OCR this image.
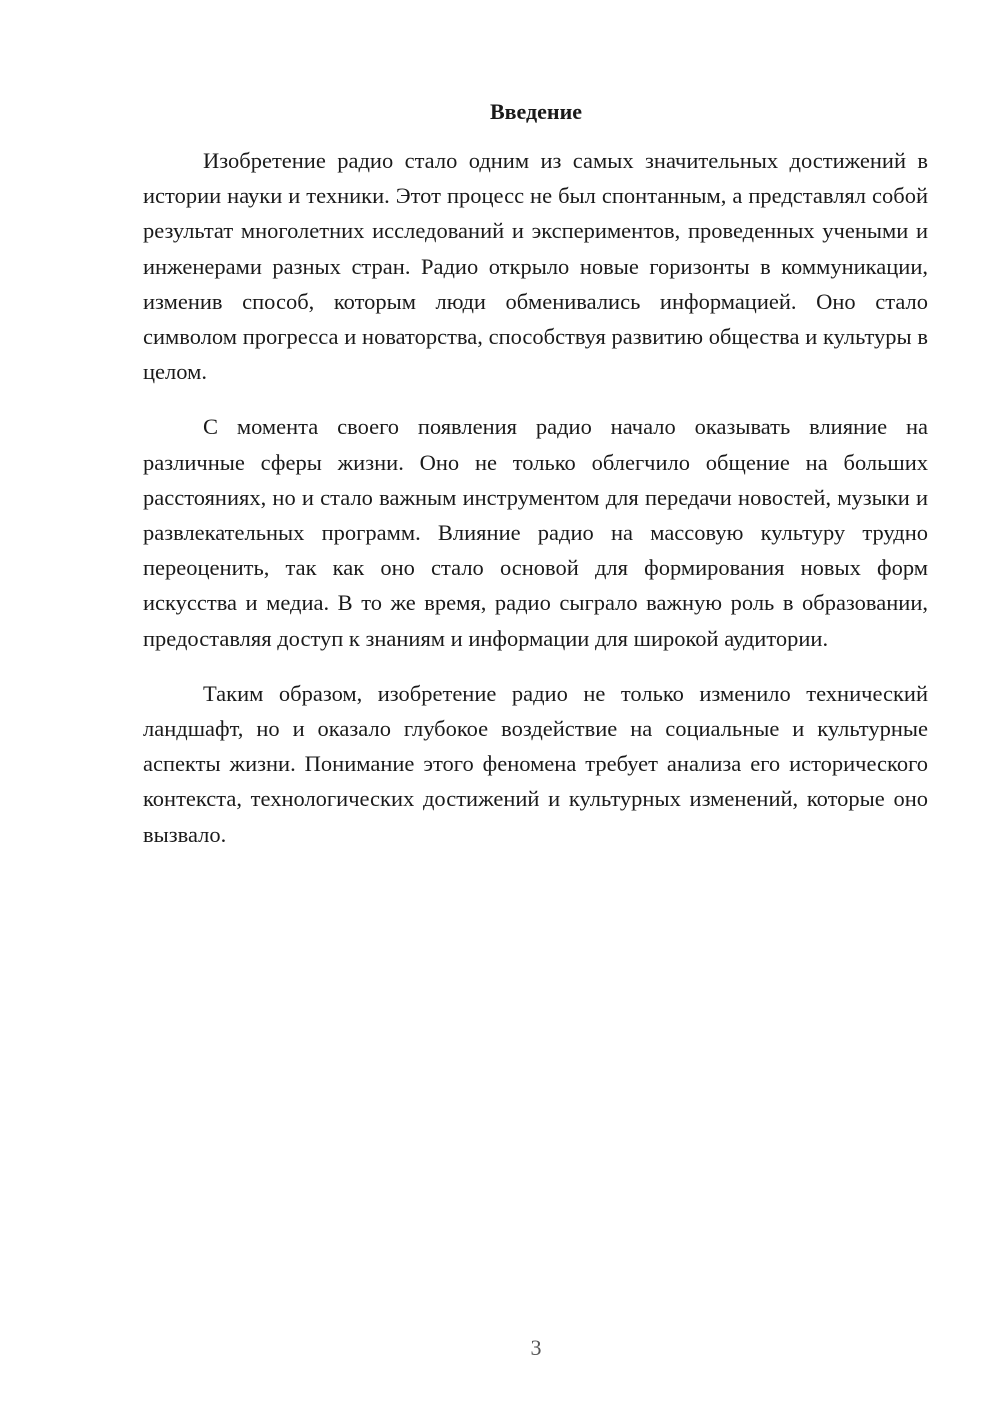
Введение

Изобретение радио стало одним из самых значительных достижений в истории науки и техники. Этот процесс не был спонтанным, а представлял собой результат многолетних исследований и экспериментов, проведенных учеными и инженерами разных стран. Радио открыло новые горизонты в коммуникации, изменив способ, которым люди обменивались информацией. Оно стало символом прогресса и новаторства, способствуя развитию общества и культуры в целом.

С момента своего появления радио начало оказывать влияние на различные сферы жизни. Оно не только облегчило общение на больших расстояниях, но и стало важным инструментом для передачи новостей, музыки и развлекательных программ. Влияние радио на массовую культуру трудно переоценить, так как оно стало основой для формирования новых форм искусства и медиа. В то же время, радио сыграло важную роль в образовании, предоставляя доступ к знаниям и информации для широкой аудитории.

Таким образом, изобретение радио не только изменило технический ландшафт, но и оказало глубокое воздействие на социальные и культурные аспекты жизни. Понимание этого феномена требует анализа его исторического контекста, технологических достижений и культурных изменений, которые оно вызвало.

3
